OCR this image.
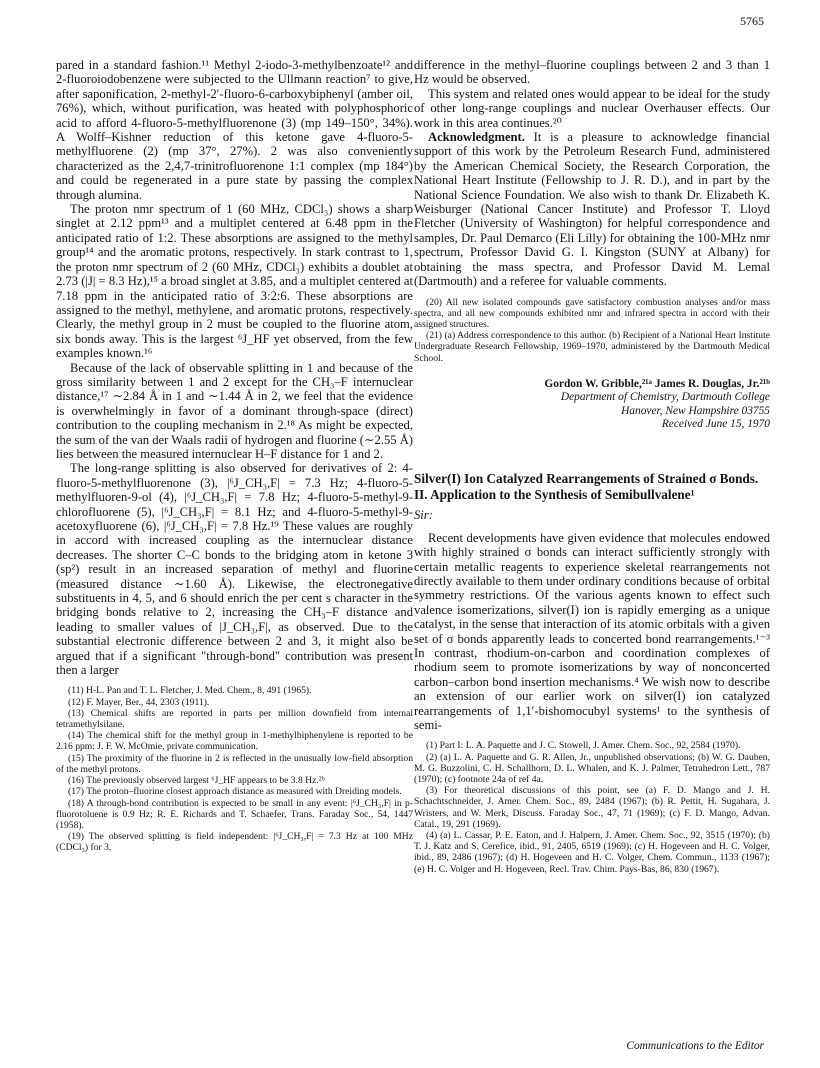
5765

pared in a standard fashion.¹¹ Methyl 2-iodo-3-methylbenzoate¹² and 2-fluoroiodobenzene were subjected to the Ullmann reaction⁷ to give, after saponification, 2-methyl-2′-fluoro-6-carboxybiphenyl (amber oil, 76%), which, without purification, was heated with polyphosphoric acid to afford 4-fluoro-5-methylfluorenone (3) (mp 149–150°, 34%). A Wolff–Kishner reduction of this ketone gave 4-fluoro-5-methylfluorene (2) (mp 37°, 27%). 2 was also conveniently characterized as the 2,4,7-trinitrofluorenone 1:1 complex (mp 184°) and could be regenerated in a pure state by passing the complex through alumina.

The proton nmr spectrum of 1 (60 MHz, CDCl₃) shows a sharp singlet at 2.12 ppm¹³ and a multiplet centered at 6.48 ppm in the anticipated ratio of 1:2. These absorptions are assigned to the methyl group¹⁴ and the aromatic protons, respectively. In stark contrast to 1, the proton nmr spectrum of 2 (60 MHz, CDCl₃) exhibits a doublet at 2.73 (|J| = 8.3 Hz),¹⁵ a broad singlet at 3.85, and a multiplet centered at 7.18 ppm in the anticipated ratio of 3:2:6. These absorptions are assigned to the methyl, methylene, and aromatic protons, respectively. Clearly, the methyl group in 2 must be coupled to the fluorine atom, six bonds away. This is the largest ⁶J_HF yet observed, from the few examples known.¹⁶

Because of the lack of observable splitting in 1 and because of the gross similarity between 1 and 2 except for the CH₃–F internuclear distance,¹⁷ ∼2.84 Å in 1 and ∼1.44 Å in 2, we feel that the evidence is overwhelmingly in favor of a dominant through-space (direct) contribution to the coupling mechanism in 2.¹⁸ As might be expected, the sum of the van der Waals radii of hydrogen and fluorine (∼2.55 Å) lies between the measured internuclear H–F distance for 1 and 2.

The long-range splitting is also observed for derivatives of 2: 4-fluoro-5-methylfluorenone (3), |⁶J_CH₃,F| = 7.3 Hz; 4-fluoro-5-methylfluoren-9-ol (4), |⁶J_CH₃,F| = 7.8 Hz; 4-fluoro-5-methyl-9-chlorofluorene (5), |⁶J_CH₃,F| = 8.1 Hz; and 4-fluoro-5-methyl-9-acetoxyfluorene (6), |⁶J_CH₃,F| = 7.8 Hz.¹⁹ These values are roughly in accord with increased coupling as the internuclear distance decreases. The shorter C–C bonds to the bridging atom in ketone 3 (sp²) result in an increased separation of methyl and fluorine (measured distance ∼1.60 Å). Likewise, the electronegative substituents in 4, 5, and 6 should enrich the per cent s character in the bridging bonds relative to 2, increasing the CH₃–F distance and leading to smaller values of |J_CH₃,F|, as observed. Due to the substantial electronic difference between 2 and 3, it might also be argued that if a significant "through-bond" contribution was present then a larger

(11) H-L. Pan and T. L. Fletcher, J. Med. Chem., 8, 491 (1965).

(12) F. Mayer, Ber., 44, 2303 (1911).

(13) Chemical shifts are reported in parts per million downfield from internal tetramethylsilane.

(14) The chemical shift for the methyl group in 1-methylbiphenylene is reported to be 2.16 ppm: J. F. W. McOmie, private communication.

(15) The proximity of the fluorine in 2 is reflected in the unusually low-field absorption of the methyl protons.

(16) The previously observed largest ⁶J_HF appears to be 3.8 Hz.²ᵇ

(17) The proton–fluorine closest approach distance as measured with Dreiding models.

(18) A through-bond contribution is expected to be small in any event: |⁶J_CH₃,F| in p-fluorotoluene is 0.9 Hz; R. E. Richards and T. Schaefer, Trans. Faraday Soc., 54, 1447 (1958).

(19) The observed splitting is field independent: |⁶J_CH₃,F| = 7.3 Hz at 100 MHz (CDCl₃) for 3.

difference in the methyl–fluorine couplings between 2 and 3 than 1 Hz would be observed.

This system and related ones would appear to be ideal for the study of other long-range couplings and nuclear Overhauser effects. Our work in this area continues.²⁰

Acknowledgment. It is a pleasure to acknowledge financial support of this work by the Petroleum Research Fund, administered by the American Chemical Society, the Research Corporation, the National Heart Institute (Fellowship to J. R. D.), and in part by the National Science Foundation. We also wish to thank Dr. Elizabeth K. Weisburger (National Cancer Institute) and Professor T. Lloyd Fletcher (University of Washington) for helpful correspondence and samples, Dr. Paul Demarco (Eli Lilly) for obtaining the 100-MHz nmr spectrum, Professor David G. I. Kingston (SUNY at Albany) for obtaining the mass spectra, and Professor David M. Lemal (Dartmouth) and a referee for valuable comments.

(20) All new isolated compounds gave satisfactory combustion analyses and/or mass spectra, and all new compounds exhibited nmr and infrared spectra in accord with their assigned structures.

(21) (a) Address correspondence to this author. (b) Recipient of a National Heart Institute Undergraduate Research Fellowship, 1969–1970, administered by the Dartmouth Medical School.

Gordon W. Gribble,²¹ᵃ James R. Douglas, Jr.²¹ᵇ
Department of Chemistry, Dartmouth College
Hanover, New Hampshire 03755
Received June 15, 1970
Silver(I) Ion Catalyzed Rearrangements of Strained σ Bonds. II. Application to the Synthesis of Semibullvalene¹
Sir:

Recent developments have given evidence that molecules endowed with highly strained σ bonds can interact sufficiently strongly with certain metallic reagents to experience skeletal rearrangements not directly available to them under ordinary conditions because of orbital symmetry restrictions. Of the various agents known to effect such valence isomerizations, silver(I) ion is rapidly emerging as a unique catalyst, in the sense that interaction of its atomic orbitals with a given set of σ bonds apparently leads to concerted bond rearrangements.¹⁻³ In contrast, rhodium-on-carbon and coordination complexes of rhodium seem to promote isomerizations by way of nonconcerted carbon–carbon bond insertion mechanisms.⁴ We wish now to describe an extension of our earlier work on silver(I) ion catalyzed rearrangements of 1,1′-bishomocubyl systems¹ to the synthesis of semi-

(1) Part I: L. A. Paquette and J. C. Stowell, J. Amer. Chem. Soc., 92, 2584 (1970).

(2) (a) L. A. Paquette and G. R. Allen, Jr., unpublished observations; (b) W. G. Dauben, M. G. Buzzolini, C. H. Schallhorn, D. L. Whalen, and K. J. Palmer, Tetrahedron Lett., 787 (1970); (c) footnote 24a of ref 4a.

(3) For theoretical discussions of this point, see (a) F. D. Mango and J. H. Schachtschneider, J. Amer. Chem. Soc., 89, 2484 (1967); (b) R. Pettit, H. Sugahara, J. Wristers, and W. Merk, Discuss. Faraday Soc., 47, 71 (1969); (c) F. D. Mango, Advan. Catal., 19, 291 (1969).

(4) (a) L. Cassar, P. E. Eaton, and J. Halpern, J. Amer. Chem. Soc., 92, 3515 (1970); (b) T. J. Katz and S. Cerefice, ibid., 91, 2405, 6519 (1969); (c) H. Hogeveen and H. C. Volger, ibid., 89, 2486 (1967); (d) H. Hogeveen and H. C. Volger, Chem. Commun., 1133 (1967); (e) H. C. Volger and H. Hogeveen, Recl. Trav. Chim. Pays-Bas, 86, 830 (1967).

Communications to the Editor
